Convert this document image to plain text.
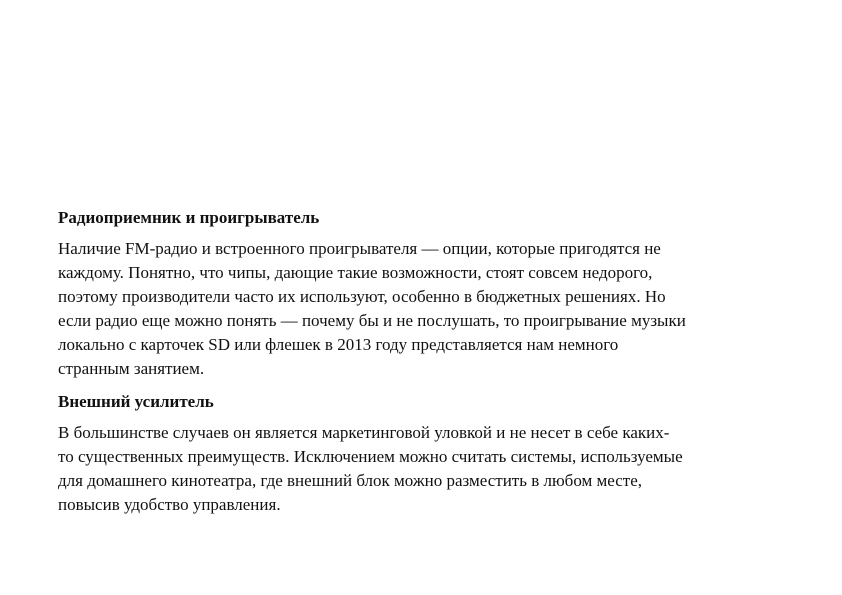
Радиоприемник и проигрыватель

Наличие FM-радио и встроенного проигрывателя — опции, которые пригодятся не
каждому. Понятно, что чипы, дающие такие возможности, стоят совсем недорого,
поэтому производители часто их используют, особенно в бюджетных решениях. Но
если радио еще можно понять — почему бы и не послушать, то проигрывание музыки
локально с карточек SD или флешек в 2013 году представляется нам немного
странным занятием.

Внешний усилитель

В большинстве случаев он является маркетинговой уловкой и не несет в себе каких-
то существенных преимуществ. Исключением можно считать системы, используемые
для домашнего кинотеатра, где внешний блок можно разместить в любом месте,
повысив удобство управления.
